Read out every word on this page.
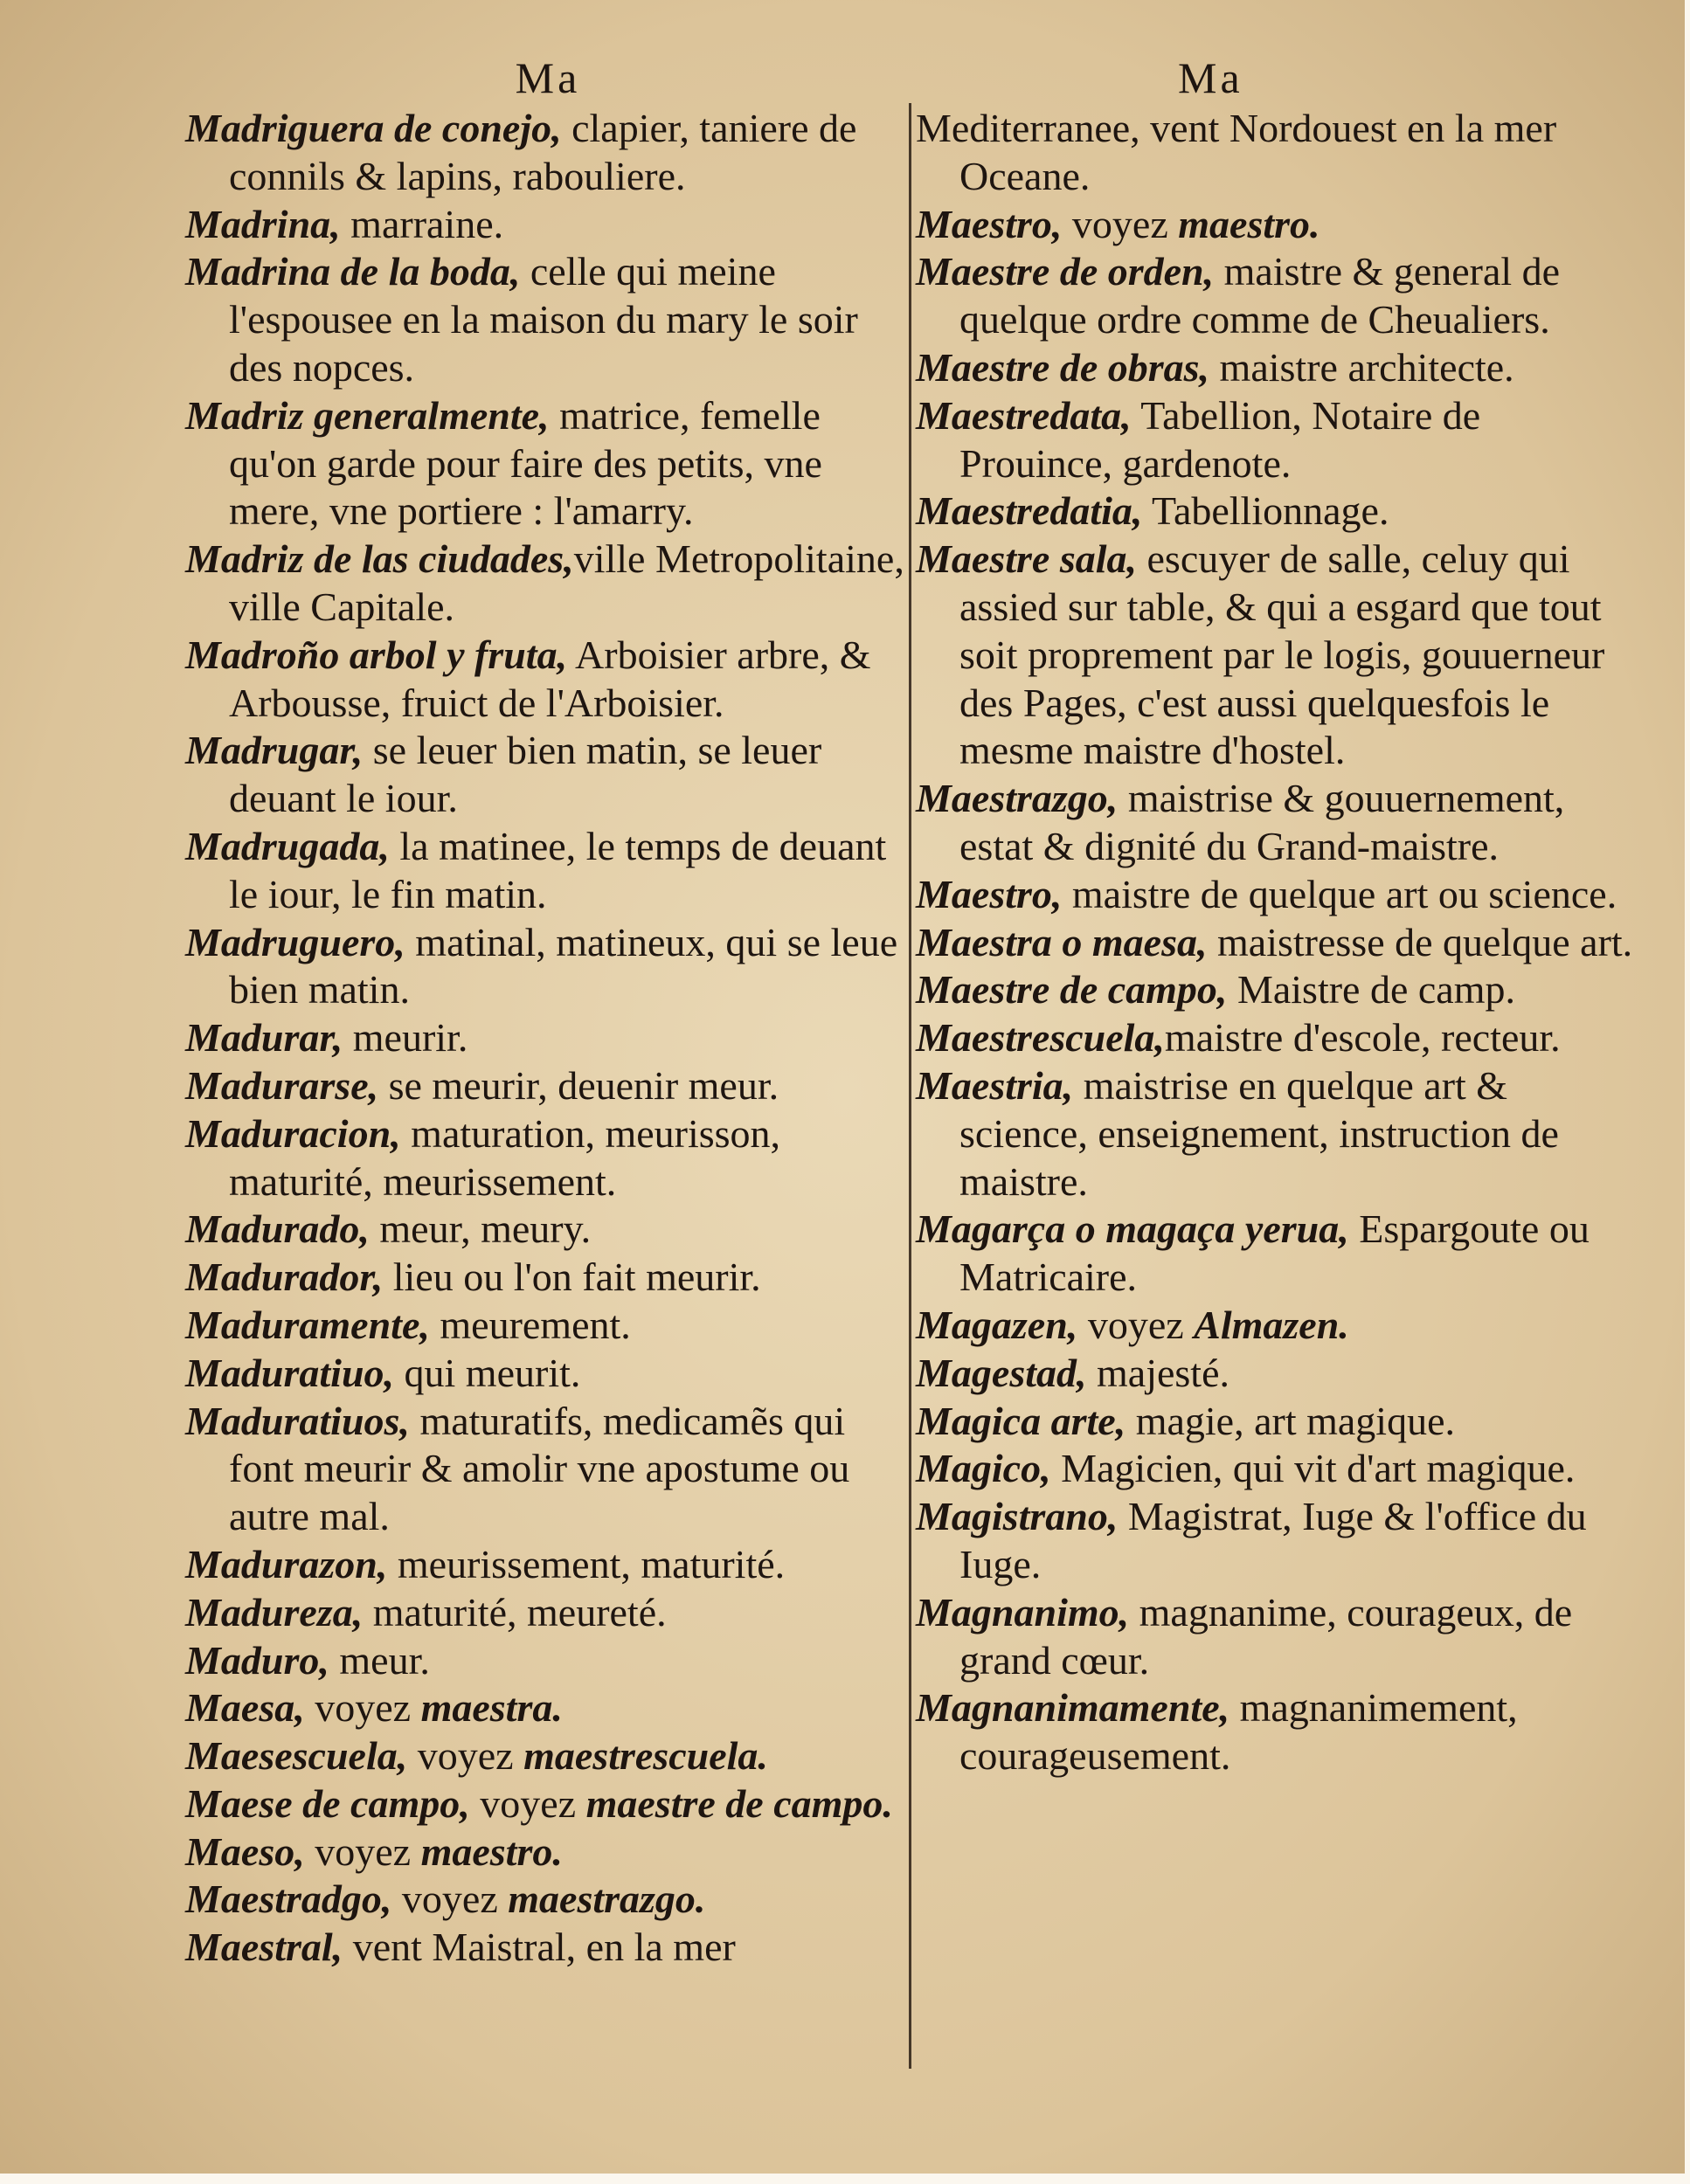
Ma

Madriguera de conejo, clapier, taniere de connils & lapins, rabouliere.

Madrina, marraine.

Madrina de la boda, celle qui meine l'espousee en la maison du mary le soir des nopces.

Madriz generalmente, matrice, femelle qu'on garde pour faire des petits, vne mere, vne portiere : l'amarry.

Madriz de las ciudades,ville Metropolitaine, ville Capitale.

Madroño arbol y fruta, Arboisier arbre, & Arbousse, fruict de l'Arboisier.

Madrugar, se leuer bien matin, se leuer deuant le iour.

Madrugada, la matinee, le temps de deuant le iour, le fin matin.

Madruguero, matinal, matineux, qui se leue bien matin.

Madurar, meurir.

Madurarse, se meurir, deuenir meur.

Maduracion, maturation, meurisson, maturité, meurissement.

Madurado, meur, meury.

Madurador, lieu ou l'on fait meurir.

Maduramente, meurement.

Maduratiuo, qui meurit.

Maduratiuos, maturatifs, medicamẽs qui font meurir & amolir vne apostume ou autre mal.

Madurazon, meurissement, maturité.

Madureza, maturité, meureté.

Maduro, meur.

Maesa, voyez maestra.

Maesescuela, voyez maestrescuela.

Maese de campo, voyez maestre de campo.

Maeso, voyez maestro.

Maestradgo, voyez maestrazgo.

Maestral, vent Maistral, en la mer

Ma

Mediterranee, vent Nordouest en la mer Oceane.

Maestro, voyez maestro.

Maestre de orden, maistre & general de quelque ordre comme de Cheualiers.

Maestre de obras, maistre architecte.

Maestredata, Tabellion, Notaire de Prouince, gardenote.

Maestredatia, Tabellionnage.

Maestre sala, escuyer de salle, celuy qui assied sur table, & qui a esgard que tout soit proprement par le logis, gouuerneur des Pages, c'est aussi quelquesfois le mesme maistre d'hostel.

Maestrazgo, maistrise & gouuernement, estat & dignité du Grand-maistre.

Maestro, maistre de quelque art ou science.

Maestra o maesa, maistresse de quelque art.

Maestre de campo, Maistre de camp.

Maestrescuela,maistre d'escole, recteur.

Maestria, maistrise en quelque art & science, enseignement, instruction de maistre.

Magarça o magaça yerua, Espargoute ou Matricaire.

Magazen, voyez Almazen.

Magestad, majesté.

Magica arte, magie, art magique.

Magico, Magicien, qui vit d'art magique.

Magistrano, Magistrat, Iuge & l'office du Iuge.

Magnanimo, magnanime, courageux, de grand cœur.

Magnanimamente, magnanimement, courageusement.
